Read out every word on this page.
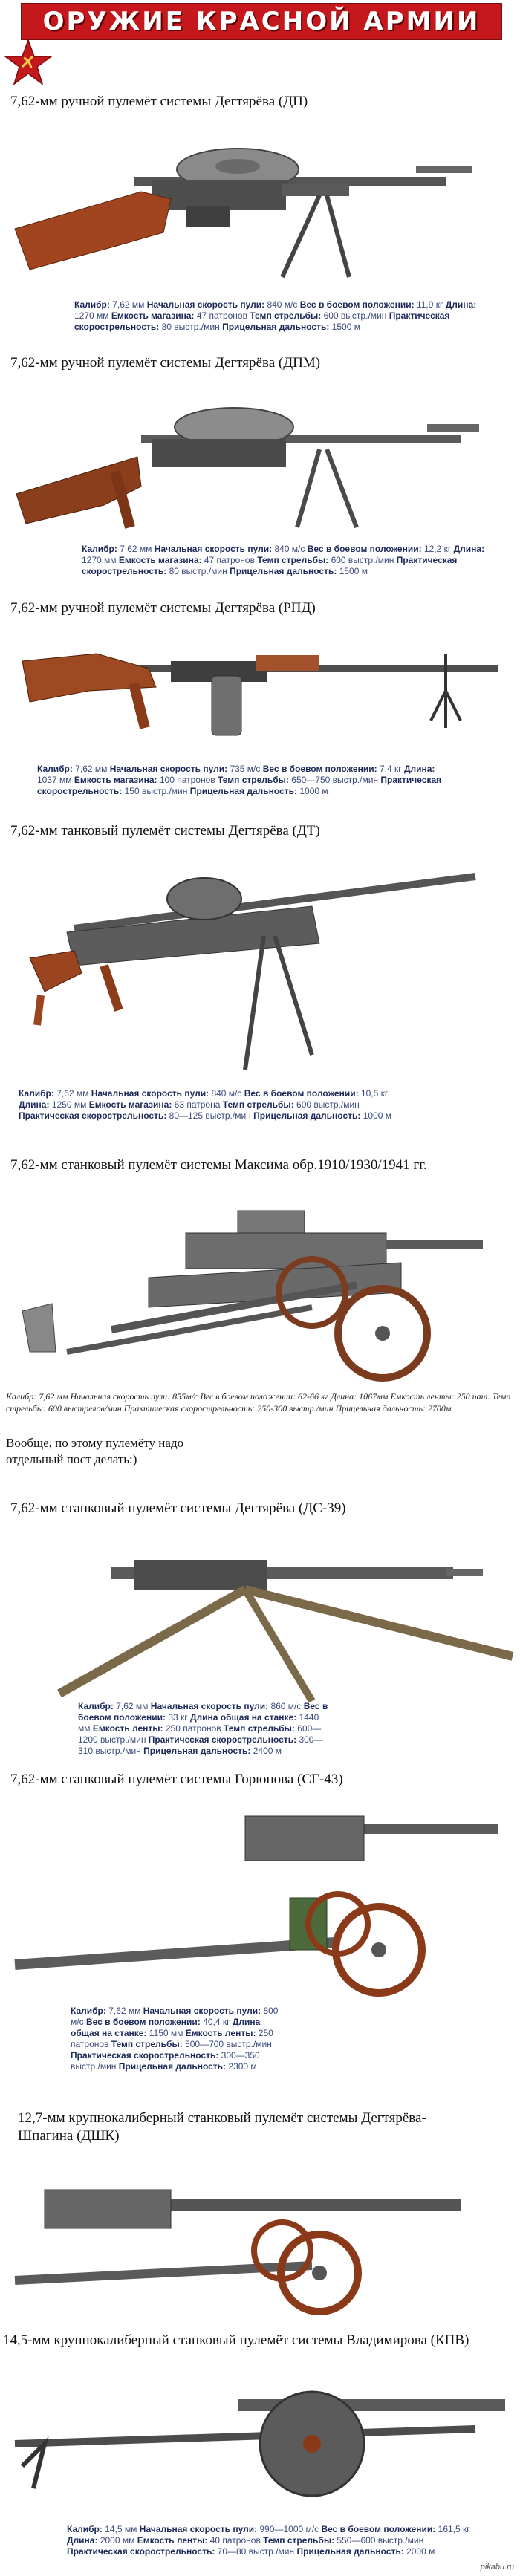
ОРУЖИЕ КРАСНОЙ АРМИИ
7,62-мм ручной пулемёт системы Дегтярёва (ДП)
Калибр: 7,62 мм Начальная скорость пули: 840 м/с Вес в боевом положении: 11,9 кг Длина: 1270 мм Емкость магазина: 47 патронов Темп стрельбы: 600 выстр./мин Практическая скорострельность: 80 выстр./мин Прицельная дальность: 1500 м
7,62-мм ручной пулемёт системы Дегтярёва (ДПМ)
Калибр: 7,62 мм Начальная скорость пули: 840 м/с Вес в боевом положении: 12,2 кг Длина: 1270 мм Емкость магазина: 47 патронов Темп стрельбы: 600 выстр./мин Практическая скорострельность: 80 выстр./мин Прицельная дальность: 1500 м
7,62-мм ручной пулемёт системы Дегтярёва (РПД)
Калибр: 7,62 мм Начальная скорость пули: 735 м/с Вес в боевом положении: 7,4 кг Длина: 1037 мм Емкость магазина: 100 патронов Темп стрельбы: 650—750 выстр./мин Практическая скорострельность: 150 выстр./мин Прицельная дальность: 1000 м
7,62-мм танковый пулемёт системы Дегтярёва (ДТ)
Калибр: 7,62 мм Начальная скорость пули: 840 м/с Вес в боевом положении: 10,5 кг Длина: 1250 мм Емкость магазина: 63 патрона Темп стрельбы: 600 выстр./мин Практическая скорострельность: 80—125 выстр./мин Прицельная дальность: 1000 м
7,62-мм станковый пулемёт системы Максима обр.1910/1930/1941 гг.
Калибр: 7,62 мм Начальная скорость пули: 855м/с Вес в боевом положении: 62-66 кг Длина: 1067мм Емкость ленты: 250 пат. Темп стрельбы: 600 выстрелов/мин Практическая скорострельность: 250-300 выстр./мин Прицельная дальность: 2700м.
Вообще, по этому пулемёту надо
отдельный пост делать:)
7,62-мм станковый пулемёт системы Дегтярёва (ДС-39)
Калибр: 7,62 мм Начальная скорость пули: 860 м/с Вес в боевом положении: 33 кг Длина общая на станке: 1440 мм Емкость ленты: 250 патронов Темп стрельбы: 600—1200 выстр./мин Практическая скорострельность: 300—310 выстр./мин Прицельная дальность: 2400 м
7,62-мм станковый пулемёт системы Горюнова (СГ-43)
Калибр: 7,62 мм Начальная скорость пули: 800 м/с Вес в боевом положении: 40,4 кг Длина общая на станке: 1150 мм Емкость ленты: 250 патронов Темп стрельбы: 500—700 выстр./мин Практическая скорострельность: 300—350 выстр./мин Прицельная дальность: 2300 м
12,7-мм крупнокалиберный станковый пулемёт системы Дегтярёва-
Шпагина (ДШК)
14,5-мм крупнокалиберный станковый пулемёт системы Владимирова (КПВ)
Калибр: 14,5 мм Начальная скорость пули: 990—1000 м/с Вес в боевом положении: 161,5 кг Длина: 2000 мм Емкость ленты: 40 патронов Темп стрельбы: 550—600 выстр./мин Практическая скорострельность: 70—80 выстр./мин Прицельная дальность: 2000 м
pikabu.ru
